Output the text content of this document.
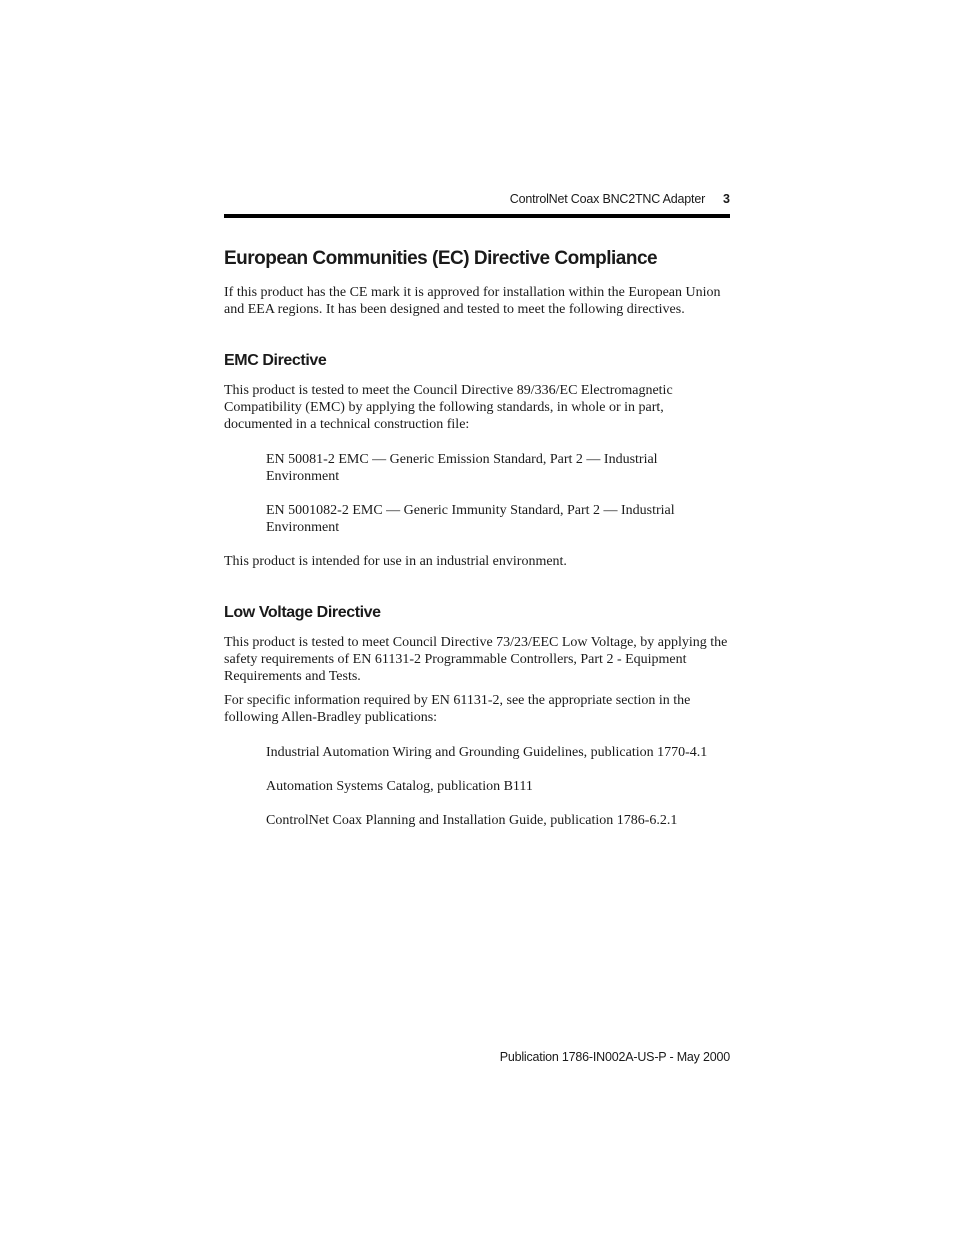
ControlNet Coax BNC2TNC Adapter 3
European Communities (EC) Directive Compliance

If this product has the CE mark it is approved for installation within the European Union and EEA regions. It has been designed and tested to meet the following directives.

EMC Directive

This product is tested to meet the Council Directive 89/336/EC Electromagnetic Compatibility (EMC) by applying the following standards, in whole or in part, documented in a technical construction file:

EN 50081-2 EMC — Generic Emission Standard, Part 2 — Industrial Environment

EN 5001082-2 EMC — Generic Immunity Standard, Part 2 — Industrial Environment

This product is intended for use in an industrial environment.

Low Voltage Directive

This product is tested to meet Council Directive 73/23/EEC Low Voltage, by applying the safety requirements of EN 61131-2 Programmable Controllers, Part 2 - Equipment Requirements and Tests.

For specific information required by EN 61131-2, see the appropriate section in the following Allen-Bradley publications:

Industrial Automation Wiring and Grounding Guidelines, publication 1770-4.1

Automation Systems Catalog, publication B111

ControlNet Coax Planning and Installation Guide, publication 1786-6.2.1

Publication 1786-IN002A-US-P - May 2000
